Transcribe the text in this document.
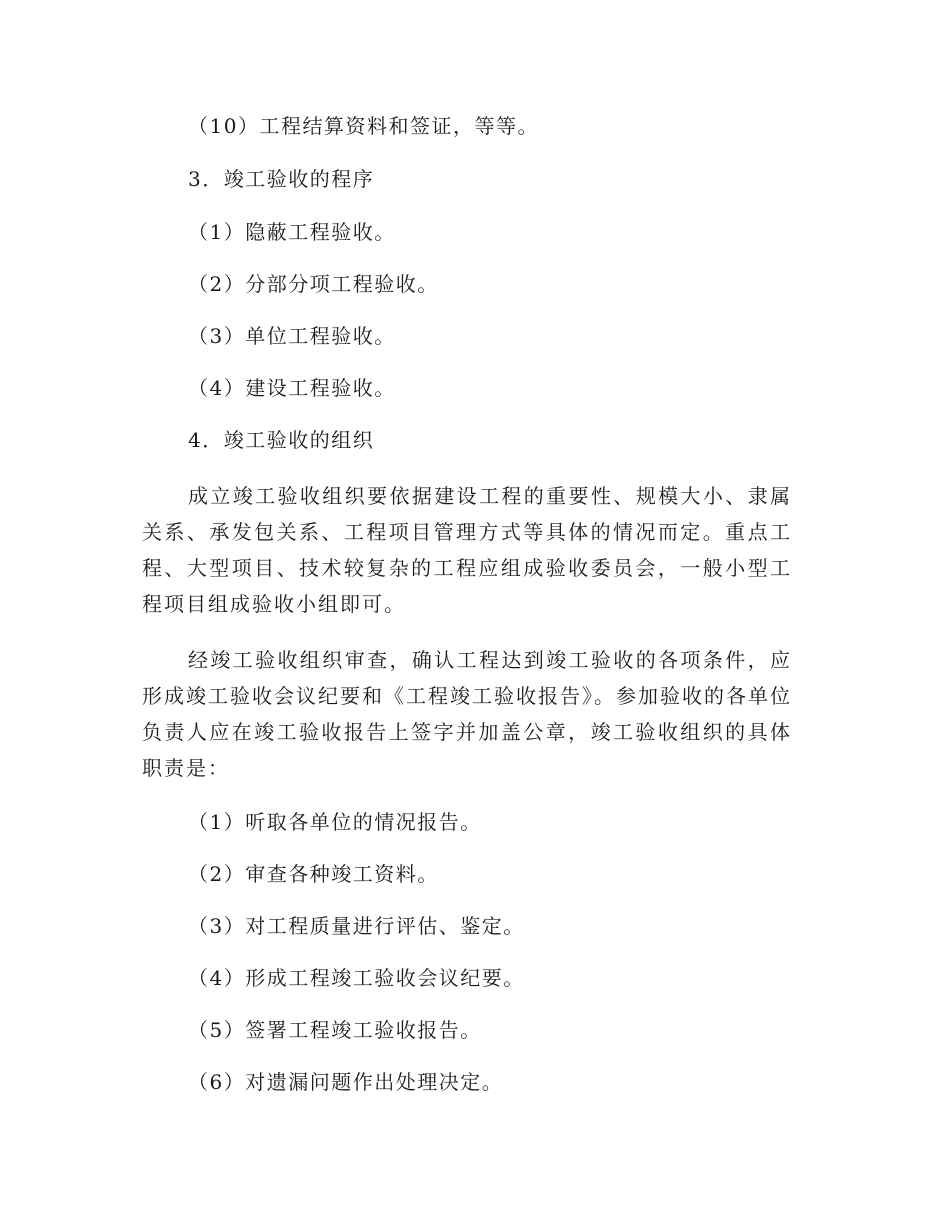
（10）工程结算资料和签证，等等。
3．竣工验收的程序
（1）隐蔽工程验收。
（2）分部分项工程验收。
（3）单位工程验收。
（4）建设工程验收。
4．竣工验收的组织

成立竣工验收组织要依据建设工程的重要性、规模大小、隶属关系、承发包关系、工程项目管理方式等具体的情况而定。重点工程、大型项目、技术较复杂的工程应组成验收委员会，一般小型工程项目组成验收小组即可。

经竣工验收组织审查，确认工程达到竣工验收的各项条件，应形成竣工验收会议纪要和《工程竣工验收报告》。参加验收的各单位负责人应在竣工验收报告上签字并加盖公章，竣工验收组织的具体职责是：

（1）听取各单位的情况报告。
（2）审查各种竣工资料。
（3）对工程质量进行评估、鉴定。
（4）形成工程竣工验收会议纪要。
（5）签署工程竣工验收报告。
（6）对遗漏问题作出处理决定。
